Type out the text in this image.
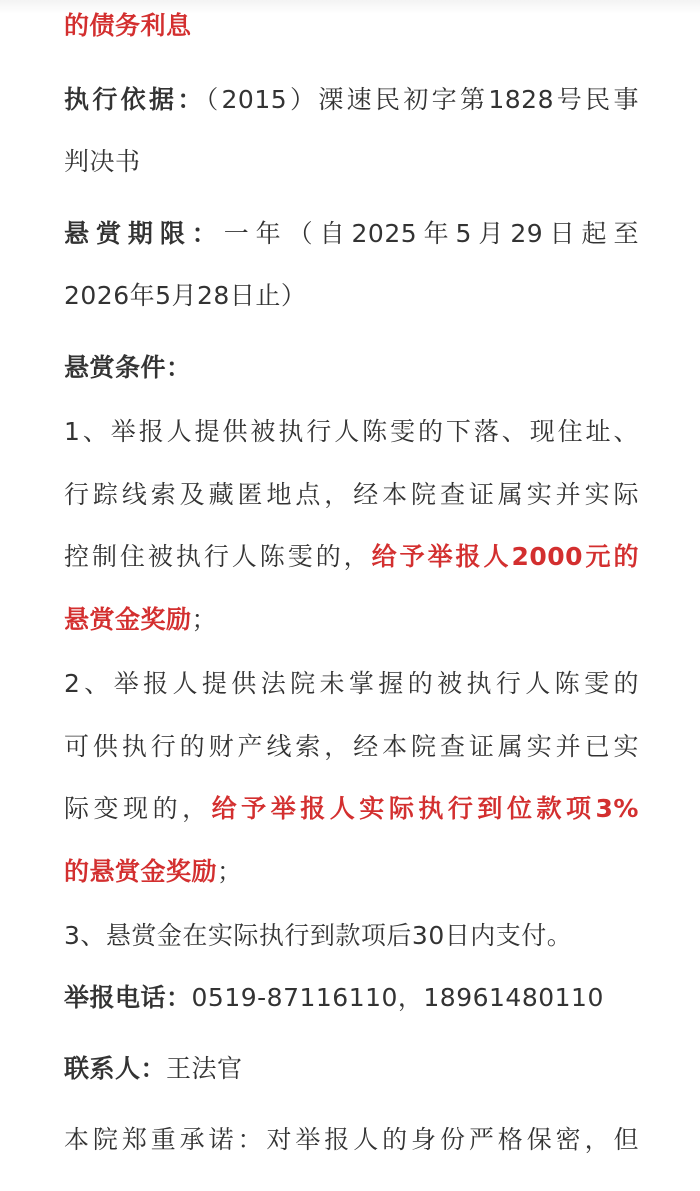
的债务利息
执行依据：（2015）溧速民初字第1828号民事
判决书
悬赏期限：一年（自2025年5月29日起至
2026年5月28日止）
悬赏条件：
1、举报人提供被执行人陈雯的下落、现住址、
行踪线索及藏匿地点，经本院查证属实并实际
控制住被执行人陈雯的，给予举报人2000元的
悬赏金奖励；
2、举报人提供法院未掌握的被执行人陈雯的
可供执行的财产线索，经本院查证属实并已实
际变现的，给予举报人实际执行到位款项3%
的悬赏金奖励；
3、悬赏金在实际执行到款项后30日内支付。
举报电话：0519-87116110，18961480110
联系人：王法官
本院郑重承诺：对举报人的身份严格保密，但
